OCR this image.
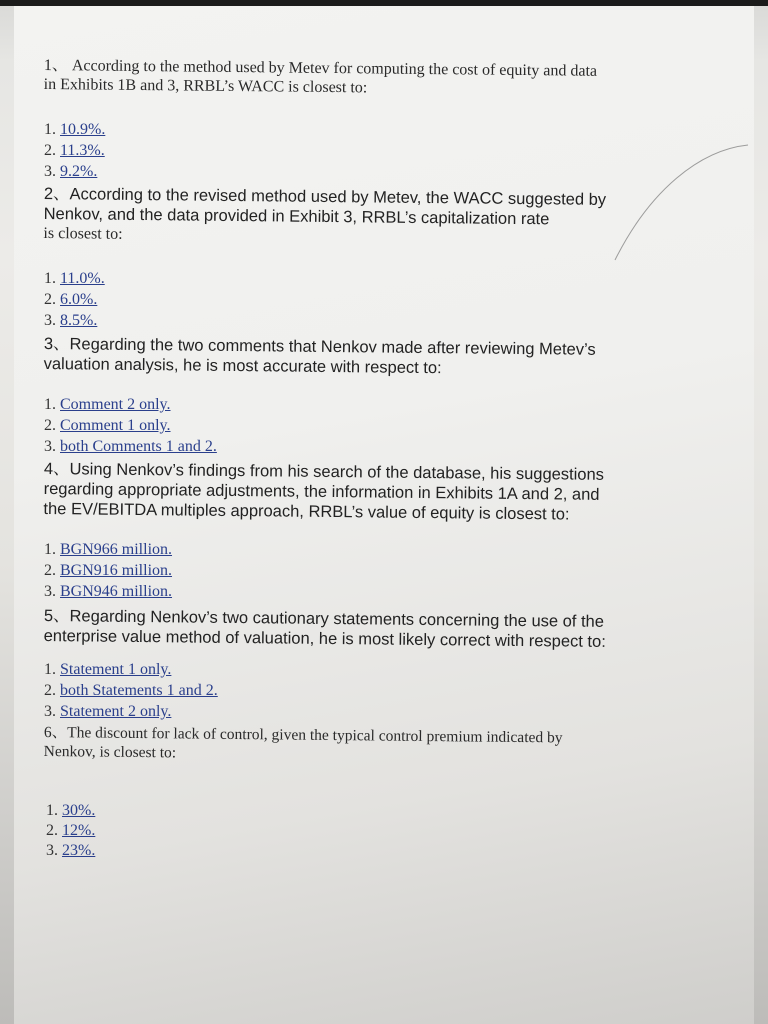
1、 According to the method used by Metev for computing the cost of equity and data
in Exhibits 1B and 3, RRBL’s WACC is closest to:
1. 10.9%.
2. 11.3%.
3. 9.2%.
2、According to the revised method used by Metev, the WACC suggested by
Nenkov, and the data provided in Exhibit 3, RRBL’s capitalization rate
is closest to:
1. 11.0%.
2. 6.0%.
3. 8.5%.
3、Regarding the two comments that Nenkov made after reviewing Metev’s
valuation analysis, he is most accurate with respect to:
1. Comment 2 only.
2. Comment 1 only.
3. both Comments 1 and 2.
4、Using Nenkov’s findings from his search of the database, his suggestions
regarding appropriate adjustments, the information in Exhibits 1A and 2, and
the EV/EBITDA multiples approach, RRBL’s value of equity is closest to:
1. BGN966 million.
2. BGN916 million.
3. BGN946 million.
5、Regarding Nenkov’s two cautionary statements concerning the use of the
enterprise value method of valuation, he is most likely correct with respect to:
1. Statement 1 only.
2. both Statements 1 and 2.
3. Statement 2 only.
6、The discount for lack of control, given the typical control premium indicated by
Nenkov, is closest to:
1. 30%.
2. 12%.
3. 23%.
